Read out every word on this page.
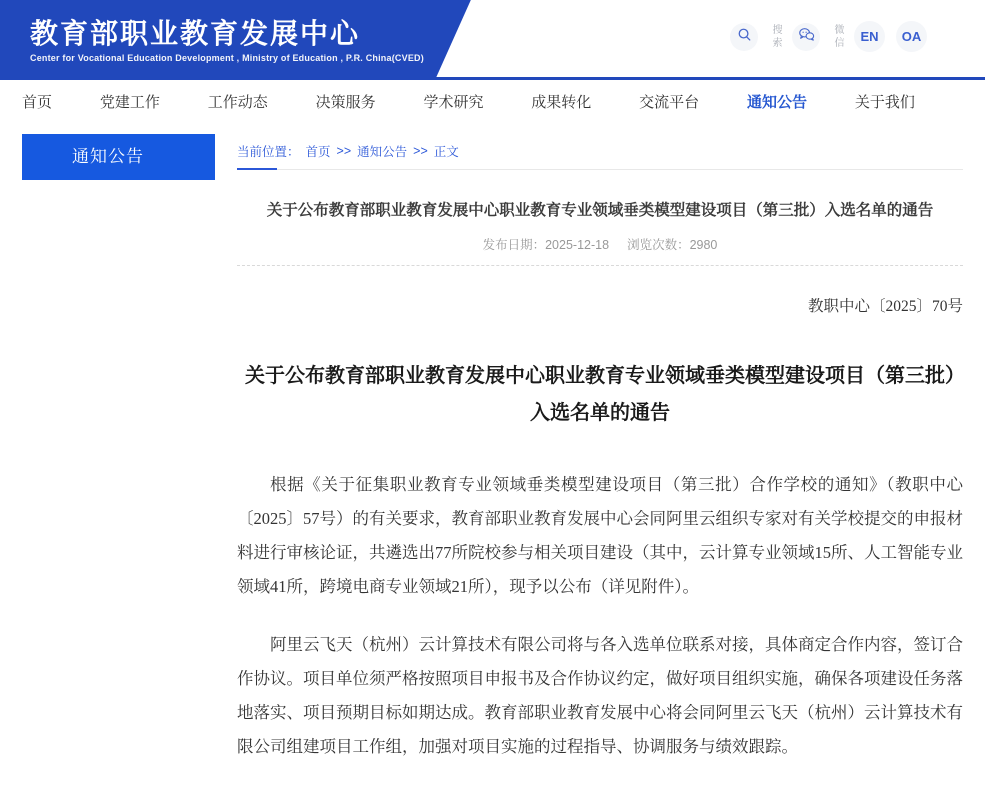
教育部职业教育发展中心
Center for Vocational Education Development , Ministry of Education , P.R. China(CVED)
搜索	微信 EN OA
首页	党建工作	工作动态	决策服务	学术研究	成果转化	交流平台	通知公告	关于我们
通知公告	当前位置： 首页 >> 通知公告 >> 正文
关于公布教育部职业教育发展中心职业教育专业领域垂类模型建设项目（第三批）入选名单的通告
发布日期：2025-12-18 浏览次数：2980
教职中心〔2025〕70号
关于公布教育部职业教育发展中心职业教育专业领域垂类模型建设项目（第三批）入选名单的通告

根据《关于征集职业教育专业领域垂类模型建设项目（第三批）合作学校的通知》（教职中心〔2025〕57号）的有关要求，教育部职业教育发展中心会同阿里云组织专家对有关学校提交的申报材料进行审核论证，共遴选出77所院校参与相关项目建设（其中，云计算专业领域15所、人工智能专业领域41所，跨境电商专业领域21所），现予以公布（详见附件）。

阿里云飞天（杭州）云计算技术有限公司将与各入选单位联系对接，具体商定合作内容，签订合作协议。项目单位须严格按照项目申报书及合作协议约定，做好项目组织实施，确保各项建设任务落地落实、项目预期目标如期达成。教育部职业教育发展中心将会同阿里云飞天（杭州）云计算技术有限公司组建项目工作组，加强对项目实施的过程指导、协调服务与绩效跟踪。
